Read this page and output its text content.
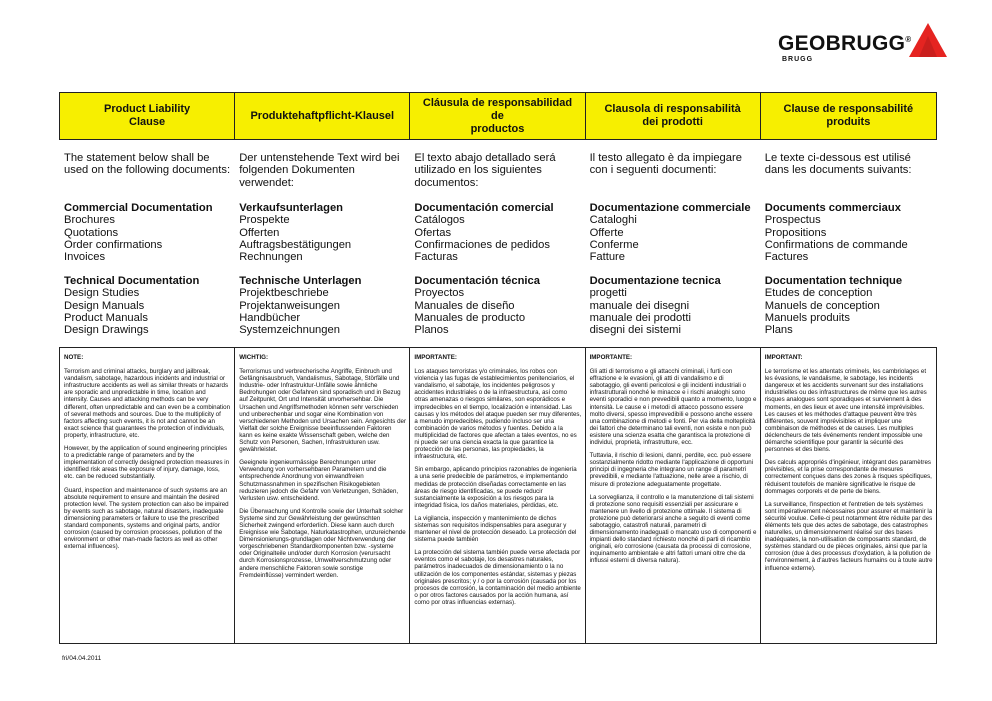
GEOBRUGG®
BRUGG
Product Liability
Clause
Produktehaftpflicht-Klausel
Cláusula de responsabilidad de
productos
Clausola di responsabilità
dei prodotti
Clause de responsabilité produits
The statement below shall be used on the following documents:
Der untenstehende Text wird bei folgenden Dokumenten verwendet:
El texto abajo detallado será utilizado en los siguientes documentos:
Il testo allegato è da impiegare con i seguenti documenti:
Le texte ci-dessous est utilisé dans les documents suivants:
Commercial Documentation
Brochures
Quotations
Order confirmations
Invoices
Verkaufsunterlagen
Prospekte
Offerten
Auftragsbestätigungen
Rechnungen
Documentación comercial
Catálogos
Ofertas
Confirmaciones de pedidos
Facturas
Documentazione commerciale
Cataloghi
Offerte
Conferme
Fatture
Documents commerciaux
Prospectus
Propositions
Confirmations de commande
Factures
Technical Documentation
Design Studies
Design Manuals
Product Manuals
Design Drawings
Technische Unterlagen
Projektbeschriebe
Projektanweisungen
Handbücher
Systemzeichnungen
Documentación técnica
Proyectos
Manuales de diseño
Manuales de producto
Planos
Documentazione tecnica
progetti
manuale dei disegni
manuale dei prodotti
disegni dei sistemi
Documentation technique
Etudes de conception
Manuels de conception
Manuels produits
Plans
NOTE:

Terrorism and criminal attacks, burglary and jailbreak, vandalism, sabotage, hazardous incidents and industrial or infrastructure accidents as well as similar threats or hazards are sporadic and unpredictable in time, location and intensity. Causes and attacking methods can be very different, often unpredictable and can even be a combination of several methods and sources. Due to the multiplicity of factors affecting such events, it is not and cannot be an exact science that guarantees the protection of individuals, property, infrastructure, etc.

However, by the application of sound engineering principles to a predictable range of parameters and by the implementation of correctly designed protection measures in identified risk areas the exposure of injury, damage, loss, etc. can be reduced substantially.

Guard, inspection and maintenance of such systems are an absolute requirement to ensure and maintain the desired protection level. The system protection can also be impaired by events such as sabotage, natural disasters, inadequate dimensioning parameters or failure to use the prescribed standard components, systems and original parts, and/or corrosion (caused by corrosion processes, pollution of the environment or other man-made factors as well as other external influences).

WICHTIG:

Terrorismus und verbrecherische Angriffe, Einbruch und Gefängnisausbruch, Vandalismus, Sabotage, Störfälle und Industrie- oder Infrastruktur-Unfälle sowie ähnliche Bedrohungen oder Gefahren sind sporadisch und in Bezug auf Zeitpunkt, Ort und Intensität unvorhersehbar. Die Ursachen und Angriffsmethoden können sehr verschieden und unberechenbar und sogar eine Kombination von verschiedenen Methoden und Ursachen sein. Angesichts der Vielfalt der solche Ereignisse beeinflussenden Faktoren kann es keine exakte Wissenschaft geben, welche den Schutz von Personen, Sachen, Infrastrukturen usw. gewährleistet.

Geeignete ingenieurmässige Berechnungen unter Verwendung von vorhersehbaren Parametern und die entsprechende Anordnung von einwandfreien Schutzmassnahmen in spezifischen Risikogebieten reduzieren jedoch die Gefahr von Verletzungen, Schäden, Verlusten usw. entscheidend.

Die Überwachung und Kontrolle sowie der Unterhalt solcher Systeme sind zur Gewährleistung der gewünschten Sicherheit zwingend erforderlich. Diese kann auch durch Ereignisse wie Sabotage, Naturkatastrophen, unzureichende Dimensionierungs-grundlagen oder Nichtverwendung der vorgeschriebenen Standardkomponenten bzw. -systeme oder Originalteile und/oder durch Korrosion (verursacht durch Korrosionsprozesse, Umweltverschmutzung oder andere menschliche Faktoren sowie sonstige Fremdeinflüsse) vermindert werden.

IMPORTANTE:

Los ataques terroristas y/o criminales, los robos con violencia y las fugas de establecimientos penitenciarios, el vandalismo, el sabotaje, los incidentes peligrosos y accidentes industriales o de la infraestructura, así como otras amenazas o riesgos similares, son esporádicos e impredecibles en el tiempo, localización e intensidad. Las causas y los métodos del ataque pueden ser muy diferentes, a menudo impredecibles, pudiendo incluso ser una combinación de varios métodos y fuentes. Debido a la multiplicidad de factores que afectan a tales eventos, no es ni puede ser una ciencia exacta la que garantice la protección de las personas, las propiedades, la infraestructura, etc.

Sin embargo, aplicando principios razonables de ingeniería a una serie predecible de parámetros, e implementando medidas de protección diseñadas correctamente en las áreas de riesgo identificadas, se puede reducir sustancialmente la exposición a los riesgos para la integridad física, los daños materiales, pérdidas, etc.

La vigilancia, inspección y mantenimiento de dichos sistemas son requisitos indispensables para asegurar y mantener el nivel de protección deseado. La protección del sistema puede también

La protección del sistema también puede verse afectada por eventos como el sabotaje, los desastres naturales, parámetros inadecuados de dimensionamiento o la no utilización de los componentes estándar, sistemas y piezas originales prescritos; y / o por la corrosión (causada por los procesos de corrosión, la contaminación del medio ambiente o por otros factores causados por la acción humana, así como por otras influencias externas).

IMPORTANTE:

Gli atti di terrorismo e gli attacchi criminali, i furti con effrazione e le evasioni, gli atti di vandalismo e di sabotaggio, gli eventi pericolosi e gli incidenti industriali o infrastrutturali nonché le minacce e i rischi analoghi sono eventi sporadici e non prevedibili quanto a momento, luogo e intensità. Le cause e i metodi di attacco possono essere molto diversi, spesso imprevedibili e possono anche essere una combinazione di metodi e fonti. Per via della molteplicità dei fattori che determinano tali eventi, non esiste e non può esistere una scienza esatta che garantisca la protezione di individui, proprietà, infrastrutture, ecc.

Tuttavia, il rischio di lesioni, danni, perdite, ecc. può essere sostanzialmente ridotto mediante l'applicazione di opportuni principi di ingegneria che integrano un range di parametri prevedibili, e mediante l'attuazione, nelle aree a rischio, di misure di protezione adeguatamente progettate.

La sorveglianza, il controllo e la manutenzione di tali sistemi di protezione sono requisiti essenziali per assicurare e mantenere un livello di protezione ottimale. Il sistema di protezione può deteriorarsi anche a seguito di eventi come sabotaggio, catastrofi naturali, parametri di dimensionamento inadeguati o mancato uso di componenti e impianti dello standard richiesto nonché di parti di ricambio originali, e/o corrosione (causata da processi di corrosione, inquinamento ambientale e altri fattori umani oltre che da influssi esterni di diversa natura).

IMPORTANT:

Le terrorisme et les attentats criminels, les cambriolages et les évasions, le vandalisme, le sabotage, les incidents dangereux et les accidents survenant sur des installations industrielles ou des infrastructures de même que les autres risques analogues sont sporadiques et surviennent à des moments, en des lieux et avec une intensité imprévisibles. Les causes et les méthodes d'attaque peuvent être très différentes, souvent imprévisibles et impliquer une combinaison de méthodes et de causes. Les multiples déclencheurs de tels événements rendent impossible une démarche scientifique pour garantir la sécurité des personnes et des biens.

Des calculs appropriés d'ingénieur, intégrant des paramètres prévisibles, et la prise correspondante de mesures correctement conçues dans des zones à risques spécifiques, réduisent toutefois de manière significative le risque de dommages corporels et de perte de biens.

La surveillance, l'inspection et l'entretien de tels systèmes sont impérativement nécessaires pour assurer et maintenir la sécurité voulue. Celle-ci peut notamment être réduite par des éléments tels que des actes de sabotage, des catastrophes naturelles, un dimensionnement réalisé sur des bases inadéquates, la non-utilisation de composants standard, de systèmes standard ou de pièces originales, ainsi que par la corrosion (due à des processus d'oxydation, à la pollution de l'environnement, à d'autres facteurs humains ou à toute autre influence externe).

fri/04.04.2011
